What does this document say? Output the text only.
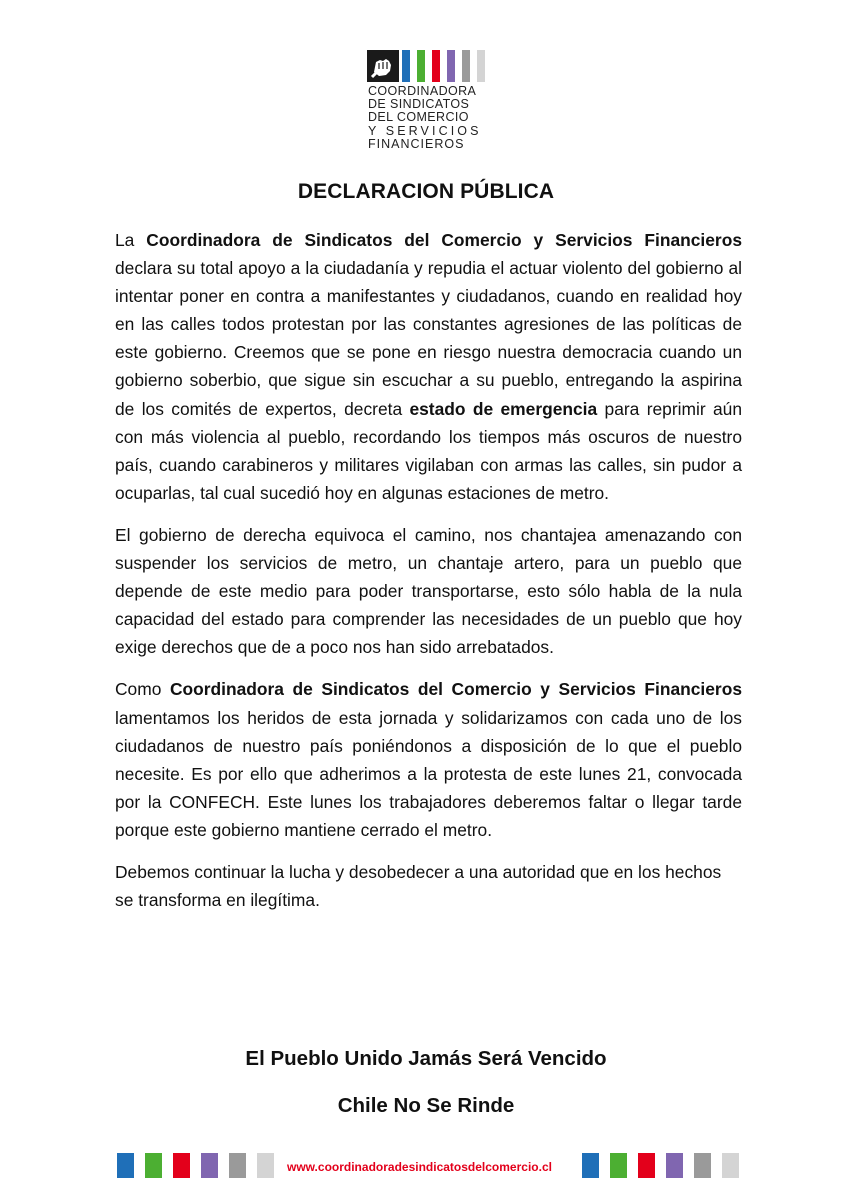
COORDINADORA
DE SINDICATOS
DEL COMERCIO
Y SERVICIOS
FINANCIEROS
DECLARACION PÚBLICA

La Coordinadora de Sindicatos del Comercio y Servicios Financieros declara su total apoyo a la ciudadanía y repudia el actuar violento del gobierno al intentar poner en contra a manifestantes y ciudadanos, cuando en realidad hoy en las calles todos protestan por las constantes agresiones de las políticas de este gobierno. Creemos que se pone en riesgo nuestra democracia cuando un gobierno soberbio, que sigue sin escuchar a su pueblo, entregando la aspirina de los comités de expertos, decreta estado de emergencia para reprimir aún con más violencia al pueblo, recordando los tiempos más oscuros de nuestro país, cuando carabineros y militares vigilaban con armas las calles, sin pudor a ocuparlas, tal cual sucedió hoy en algunas estaciones de metro.

El gobierno de derecha equivoca el camino, nos chantajea amenazando con suspender los servicios de metro, un chantaje artero, para un pueblo que depende de este medio para poder transportarse, esto sólo habla de la nula capacidad del estado para comprender las necesidades de un pueblo que hoy exige derechos que de a poco nos han sido arrebatados.

Como Coordinadora de Sindicatos del Comercio y Servicios Financieros lamentamos los heridos de esta jornada y solidarizamos con cada uno de los ciudadanos de nuestro país poniéndonos a disposición de lo que el pueblo necesite. Es por ello que adherimos a la protesta de este lunes 21, convocada por la CONFECH. Este lunes los trabajadores deberemos faltar o llegar tarde porque este gobierno mantiene cerrado el metro.

Debemos continuar la lucha y desobedecer a una autoridad que en los hechos se transforma en ilegítima.

El Pueblo Unido Jamás Será Vencido

Chile No Se Rinde

www.coordinadoradesindicatosdelcomercio.cl
